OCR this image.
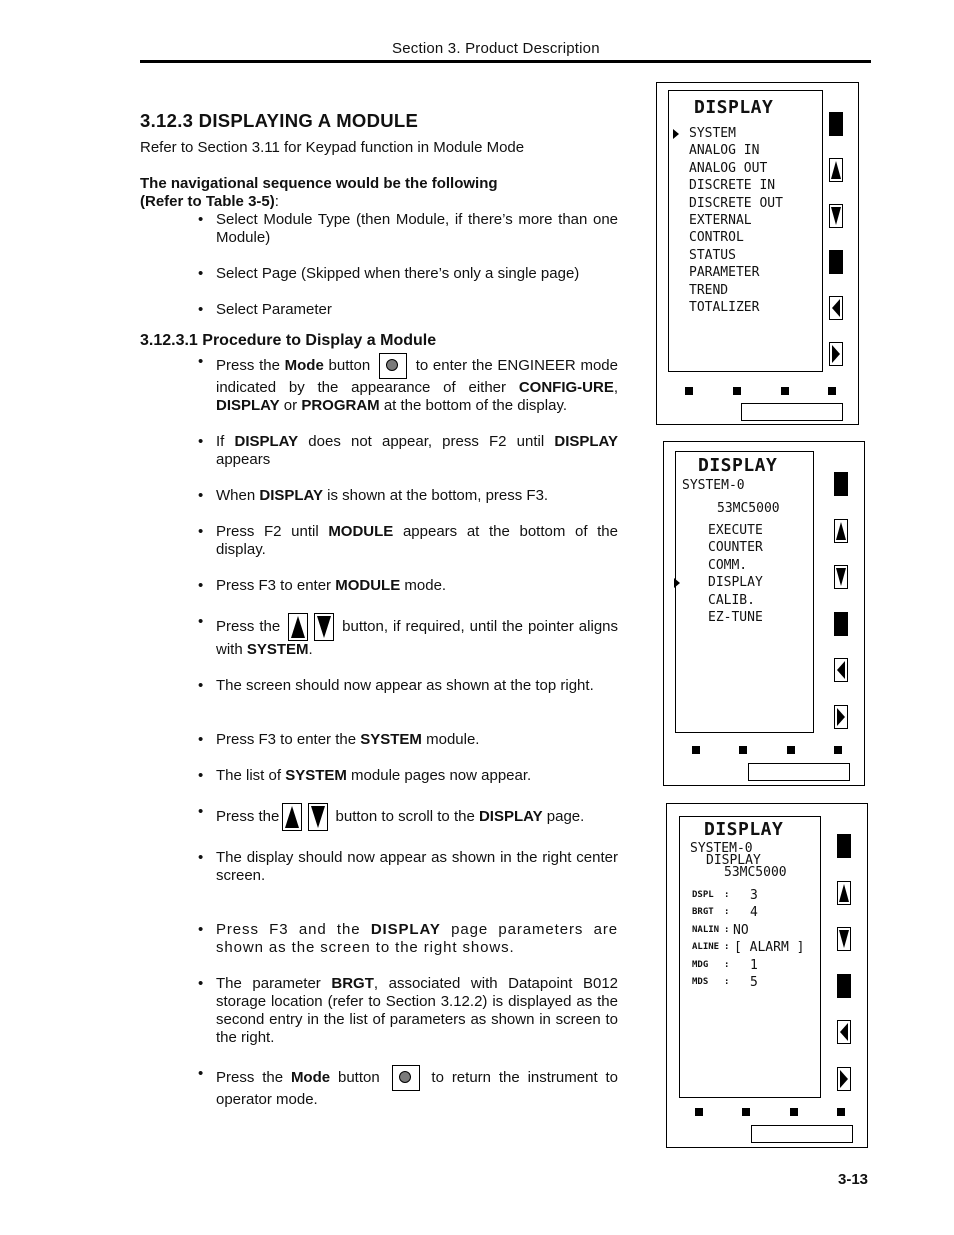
Section 3. Product Description
3.12.3 DISPLAYING A MODULE

Refer to Section 3.11 for Keypad function in Module Mode

The navigational sequence would be the following
(Refer to Table 3-5):

• Select Module Type (then Module, if there’s more than one Module)
• Select Page (Skipped when there’s only a single page)
• Select Parameter
3.12.3.1 Procedure to Display a Module
• Press the Mode button  to enter the ENGINEER mode indicated by the appearance of either CONFIG-URE, DISPLAY or PROGRAM at the bottom of the display.
• If DISPLAY does not appear, press F2 until DISPLAY appears
• When DISPLAY is shown at the bottom, press F3.
• Press F2 until MODULE appears at the bottom of the display.
• Press F3 to enter MODULE mode.
• Press the	button, if required, until the pointer aligns with SYSTEM.
• The screen should now appear as shown at the top right.
• Press F3 to enter the SYSTEM module.
• The list of SYSTEM module pages now appear.
• Press the	button to scroll to the DISPLAY page.
• The display should now appear as shown in the right center screen.
• Press F3 and the DISPLAY page parameters are shown as the screen to the right shows.
• The parameter BRGT, associated with Datapoint B012 storage location (refer to Section 3.12.2) is displayed as the second entry in the list of parameters as shown in screen to the right.
• Press the Mode button  to return the instrument to operator mode.
DISPLAY
SYSTEM
ANALOG IN
ANALOG OUT
DISCRETE IN
DISCRETE OUT
EXTERNAL
CONTROL
STATUS
PARAMETER
TREND
TOTALIZER
DISPLAY
SYSTEM-0
53MC5000
EXECUTE
COUNTER
COMM.
DISPLAY
CALIB.
EZ-TUNE
DISPLAY
SYSTEM-0
DISPLAY
53MC5000
DSPL : 3
BRGT : 4
NALIN : NO
ALINE : [ ALARM ]
MDG : 1
MDS : 5
3-13
